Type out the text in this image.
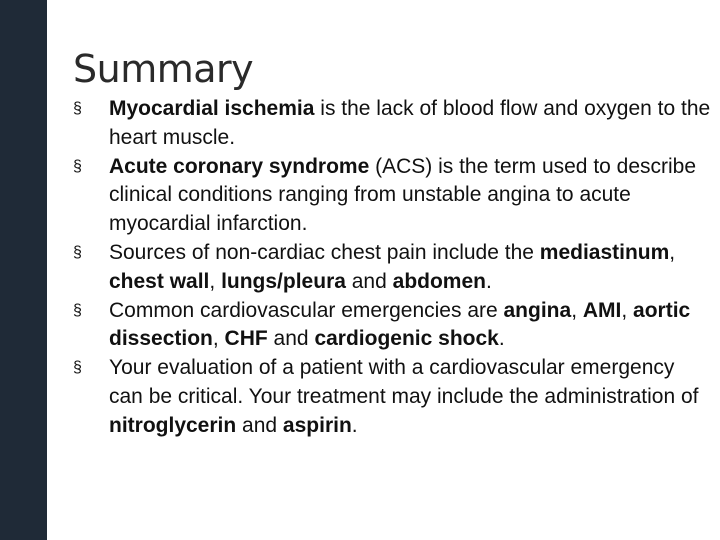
Summary
§	Myocardial ischemia is the lack of blood flow and oxygen to the heart muscle.
§	Acute coronary syndrome (ACS) is the term used to describe clinical conditions ranging from unstable angina to acute myocardial infarction.
§	Sources of non-cardiac chest pain include the mediastinum, chest wall, lungs/pleura and abdomen.
§	Common cardiovascular emergencies are angina, AMI, aortic dissection, CHF and cardiogenic shock.
§	Your evaluation of a patient with a cardiovascular emergency can be critical. Your treatment may include the administration of nitroglycerin and aspirin.
